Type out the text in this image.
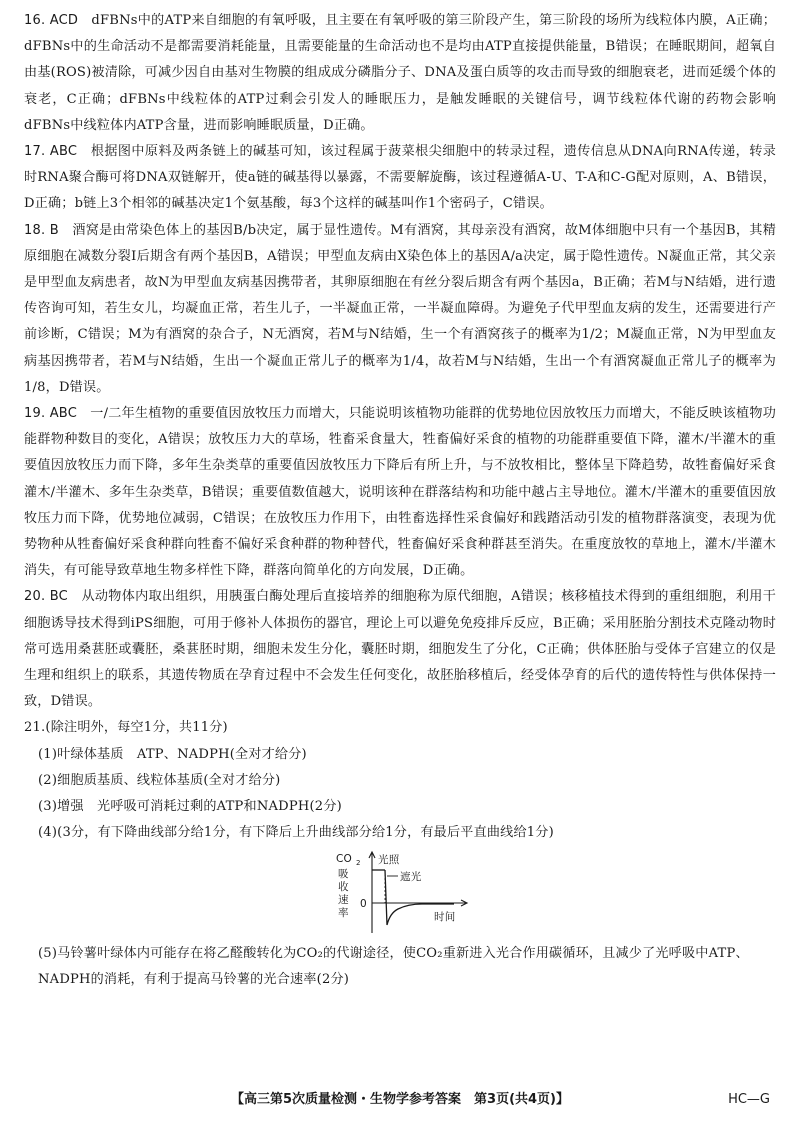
16. ACD dFBNs中的ATP来自细胞的有氧呼吸，且主要在有氧呼吸的第三阶段产生，第三阶段的场所为线粒体内膜，A正确；dFBNs中的生命活动不是都需要消耗能量，且需要能量的生命活动也不是均由ATP直接提供能量，B错误；在睡眠期间，超氧自由基(ROS)被清除，可减少因自由基对生物膜的组成成分磷脂分子、DNA及蛋白质等的攻击而导致的细胞衰老，进而延缓个体的衰老，C正确；dFBNs中线粒体的ATP过剩会引发人的睡眠压力，是触发睡眠的关键信号，调节线粒体代谢的药物会影响dFBNs中线粒体内ATP含量，进而影响睡眠质量，D正确。

17. ABC 根据图中原料及两条链上的碱基可知，该过程属于菠菜根尖细胞中的转录过程，遗传信息从DNA向RNA传递，转录时RNA聚合酶可将DNA双链解开，使a链的碱基得以暴露，不需要解旋酶，该过程遵循A-U、T-A和C-G配对原则，A、B错误，D正确；b链上3个相邻的碱基决定1个氨基酸，每3个这样的碱基叫作1个密码子，C错误。

18. B 酒窝是由常染色体上的基因B/b决定，属于显性遗传。M有酒窝，其母亲没有酒窝，故M体细胞中只有一个基因B，其精原细胞在减数分裂Ⅰ后期含有两个基因B，A错误；甲型血友病由X染色体上的基因A/a决定，属于隐性遗传。N凝血正常，其父亲是甲型血友病患者，故N为甲型血友病基因携带者，其卵原细胞在有丝分裂后期含有两个基因a，B正确；若M与N结婚，进行遗传咨询可知，若生女儿，均凝血正常，若生儿子，一半凝血正常，一半凝血障碍。为避免子代甲型血友病的发生，还需要进行产前诊断，C错误；M为有酒窝的杂合子，N无酒窝，若M与N结婚，生一个有酒窝孩子的概率为1/2；M凝血正常，N为甲型血友病基因携带者，若M与N结婚，生出一个凝血正常儿子的概率为1/4，故若M与N结婚，生出一个有酒窝凝血正常儿子的概率为1/8，D错误。

19. ABC 一/二年生植物的重要值因放牧压力而增大，只能说明该植物功能群的优势地位因放牧压力而增大，不能反映该植物功能群物种数目的变化，A错误；放牧压力大的草场，牲畜采食量大，牲畜偏好采食的植物的功能群重要值下降，灌木/半灌木的重要值因放牧压力而下降，多年生杂类草的重要值因放牧压力下降后有所上升，与不放牧相比，整体呈下降趋势，故牲畜偏好采食灌木/半灌木、多年生杂类草，B错误；重要值数值越大，说明该种在群落结构和功能中越占主导地位。灌木/半灌木的重要值因放牧压力而下降，优势地位减弱，C错误；在放牧压力作用下，由牲畜选择性采食偏好和践踏活动引发的植物群落演变，表现为优势物种从牲畜偏好采食种群向牲畜不偏好采食种群的物种替代，牲畜偏好采食种群甚至消失。在重度放牧的草地上，灌木/半灌木消失，有可能导致草地生物多样性下降，群落向简单化的方向发展，D正确。

20. BC 从动物体内取出组织，用胰蛋白酶处理后直接培养的细胞称为原代细胞，A错误；核移植技术得到的重组细胞，利用干细胞诱导技术得到iPS细胞，可用于修补人体损伤的器官，理论上可以避免免疫排斥反应，B正确；采用胚胎分割技术克隆动物时常可选用桑葚胚或囊胚，桑葚胚时期，细胞未发生分化，囊胚时期，细胞发生了分化，C正确；供体胚胎与受体子宫建立的仅是生理和组织上的联系，其遗传物质在孕育过程中不会发生任何变化，故胚胎移植后，经受体孕育的后代的遗传特性与供体保持一致，D错误。

21.(除注明外，每空1分，共11分)

(1)叶绿体基质　ATP、NADPH(全对才给分)

(2)细胞质基质、线粒体基质(全对才给分)

(3)增强　光呼吸可消耗过剩的ATP和NADPH(2分)

(4)(3分，有下降曲线部分给1分，有下降后上升曲线部分给1分，有最后平直曲线给1分)

CO 2
吸
收
速
率
0
时间
光照
遮光

(5)马铃薯叶绿体内可能存在将乙醛酸转化为CO₂的代谢途径，使CO₂重新进入光合作用碳循环，且减少了光呼吸中ATP、NADPH的消耗，有利于提高马铃薯的光合速率(2分)

【高三第5次质量检测・生物学参考答案　第3页(共4页)】	HC—G
